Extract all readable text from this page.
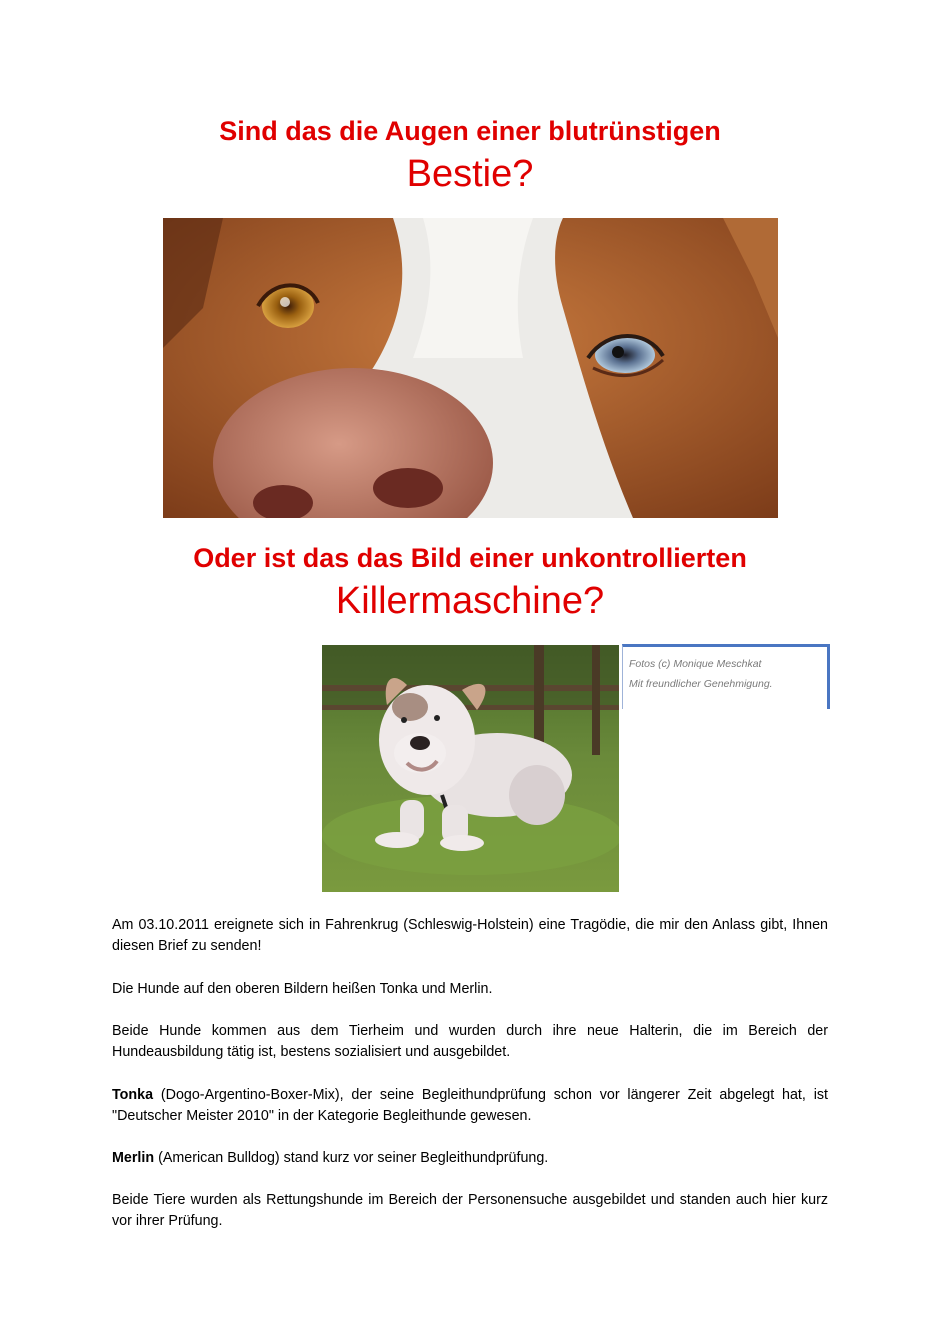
Sind das die Augen einer blutrünstigen
Bestie?
Oder ist das das Bild einer unkontrollierten
Killermaschine?
Fotos (c) Monique Meschkat
Mit freundlicher Genehmigung.

Am 03.10.2011 ereignete sich in Fahrenkrug (Schleswig-Holstein) eine Tragödie, die mir den Anlass gibt, Ihnen diesen Brief zu senden!

Die Hunde auf den oberen Bildern heißen Tonka und Merlin.

Beide Hunde kommen aus dem Tierheim und wurden durch ihre neue Halterin, die im Bereich der Hundeausbildung tätig ist, bestens sozialisiert und ausgebildet.

Tonka (Dogo-Argentino-Boxer-Mix), der seine Begleithundprüfung schon vor längerer Zeit abgelegt hat, ist "Deutscher Meister 2010" in der Kategorie Begleithunde gewesen.

Merlin (American Bulldog) stand kurz vor seiner Begleithundprüfung.

Beide Tiere wurden als Rettungshunde im Bereich der Personensuche ausgebildet und standen auch hier kurz vor ihrer Prüfung.
